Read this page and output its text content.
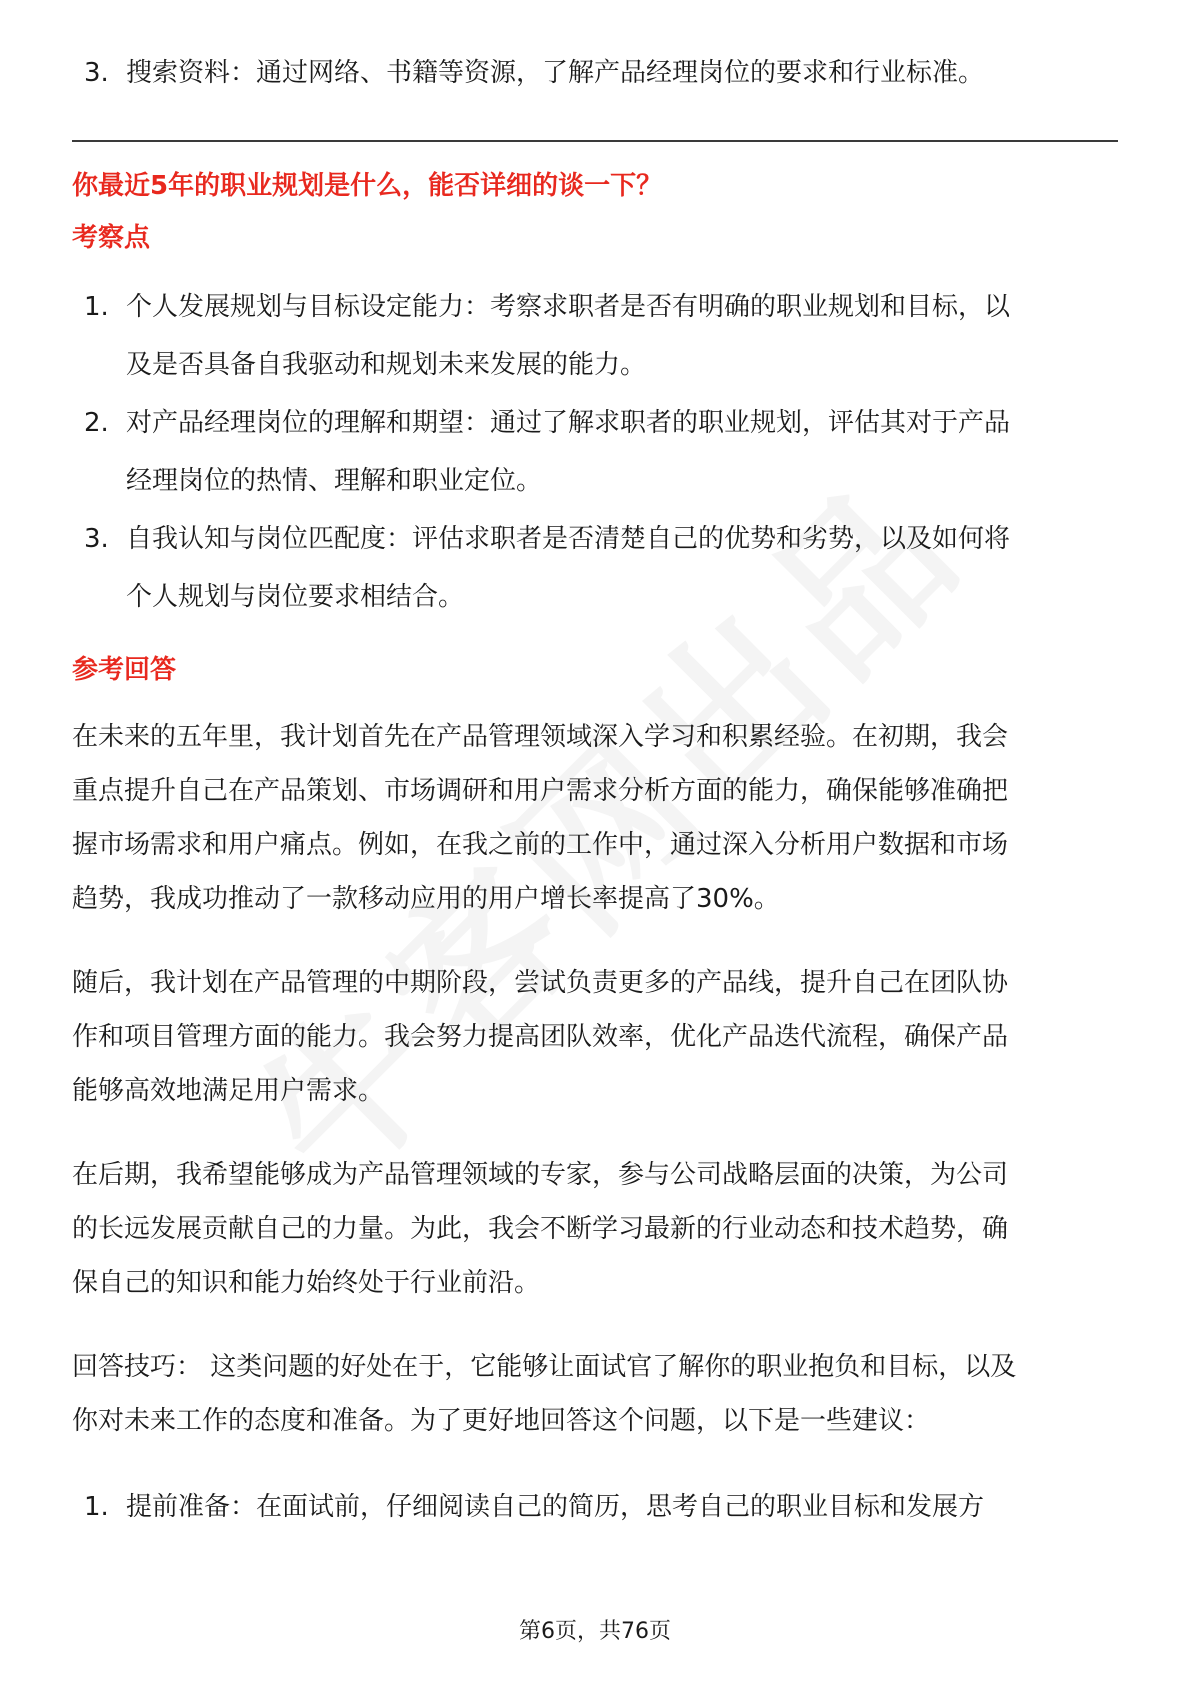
3. 搜索资料：通过网络、书籍等资源，了解产品经理岗位的要求和行业标准。

你最近5年的职业规划是什么，能否详细的谈一下？

考察点

1. 个人发展规划与目标设定能力：考察求职者是否有明确的职业规划和目标，以
及是否具备自我驱动和规划未来发展的能力。
2. 对产品经理岗位的理解和期望：通过了解求职者的职业规划，评估其对于产品
经理岗位的热情、理解和职业定位。
3. 自我认知与岗位匹配度：评估求职者是否清楚自己的优势和劣势，以及如何将
个人规划与岗位要求相结合。

参考回答

在未来的五年里，我计划首先在产品管理领域深入学习和积累经验。在初期，我会
重点提升自己在产品策划、市场调研和用户需求分析方面的能力，确保能够准确把
握市场需求和用户痛点。例如，在我之前的工作中，通过深入分析用户数据和市场
趋势，我成功推动了一款移动应用的用户增长率提高了30%。

随后，我计划在产品管理的中期阶段，尝试负责更多的产品线，提升自己在团队协
作和项目管理方面的能力。我会努力提高团队效率，优化产品迭代流程，确保产品
能够高效地满足用户需求。

在后期，我希望能够成为产品管理领域的专家，参与公司战略层面的决策，为公司
的长远发展贡献自己的力量。为此，我会不断学习最新的行业动态和技术趋势，确
保自己的知识和能力始终处于行业前沿。

回答技巧： 这类问题的好处在于，它能够让面试官了解你的职业抱负和目标，以及
你对未来工作的态度和准备。为了更好地回答这个问题，以下是一些建议：

1. 提前准备：在面试前，仔细阅读自己的简历，思考自己的职业目标和发展方
第6页，共76页
